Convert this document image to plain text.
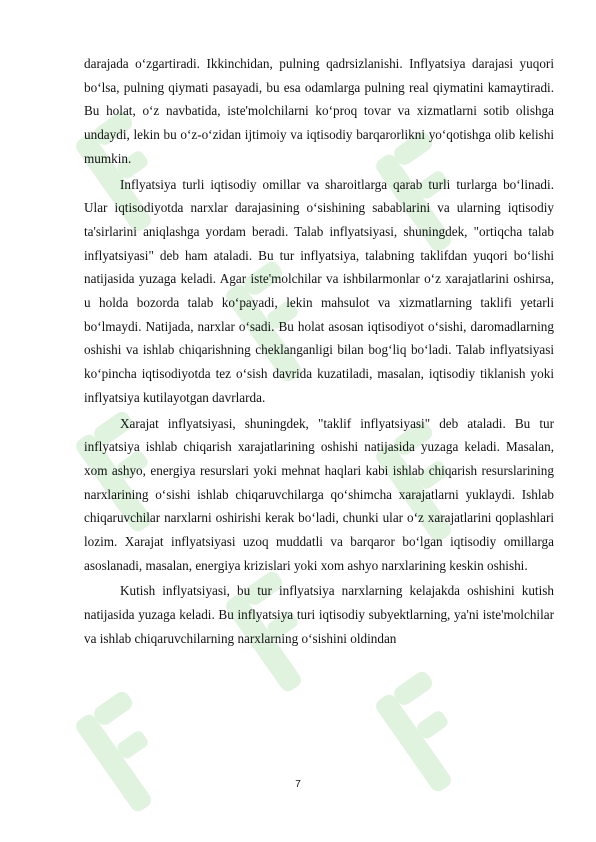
darajada o‘zgartiradi. Ikkinchidan, pulning qadrsizlanishi. Inflyatsiya darajasi yuqori bo‘lsa, pulning qiymati pasayadi, bu esa odamlarga pulning real qiymatini kamaytiradi. Bu holat, o‘z navbatida, iste'molchilarni ko‘proq tovar va xizmatlarni sotib olishga undaydi, lekin bu o‘z-o‘zidan ijtimoiy va iqtisodiy barqarorlikni yo‘qotishga olib kelishi mumkin.

Inflyatsiya turli iqtisodiy omillar va sharoitlarga qarab turli turlarga bo‘linadi. Ular iqtisodiyotda narxlar darajasining o‘sishining sabablarini va ularning iqtisodiy ta'sirlarini aniqlashga yordam beradi. Talab inflyatsiyasi, shuningdek, "ortiqcha talab inflyatsiyasi" deb ham ataladi. Bu tur inflyatsiya, talabning taklifdan yuqori bo‘lishi natijasida yuzaga keladi. Agar iste'molchilar va ishbilarmonlar o‘z xarajatlarini oshirsa, u holda bozorda talab ko‘payadi, lekin mahsulot va xizmatlarning taklifi yetarli bo‘lmaydi. Natijada, narxlar o‘sadi. Bu holat asosan iqtisodiyot o‘sishi, daromadlarning oshishi va ishlab chiqarishning cheklanganligi bilan bog‘liq bo‘ladi. Talab inflyatsiyasi ko‘pincha iqtisodiyotda tez o‘sish davrida kuzatiladi, masalan, iqtisodiy tiklanish yoki inflyatsiya kutilayotgan davrlarda.

Xarajat inflyatsiyasi, shuningdek, "taklif inflyatsiyasi" deb ataladi. Bu tur inflyatsiya ishlab chiqarish xarajatlarining oshishi natijasida yuzaga keladi. Masalan, xom ashyo, energiya resurslari yoki mehnat haqlari kabi ishlab chiqarish resurslarining narxlarining o‘sishi ishlab chiqaruvchilarga qo‘shimcha xarajatlarni yuklaydi. Ishlab chiqaruvchilar narxlarni oshirishi kerak bo‘ladi, chunki ular o‘z xarajatlarini qoplashlari lozim. Xarajat inflyatsiyasi uzoq muddatli va barqaror bo‘lgan iqtisodiy omillarga asoslanadi, masalan, energiya krizislari yoki xom ashyo narxlarining keskin oshishi.

Kutish inflyatsiyasi, bu tur inflyatsiya narxlarning kelajakda oshishini kutish natijasida yuzaga keladi. Bu inflyatsiya turi iqtisodiy subyektlarning, ya'ni iste'molchilar va ishlab chiqaruvchilarning narxlarning o‘sishini oldindan

7
